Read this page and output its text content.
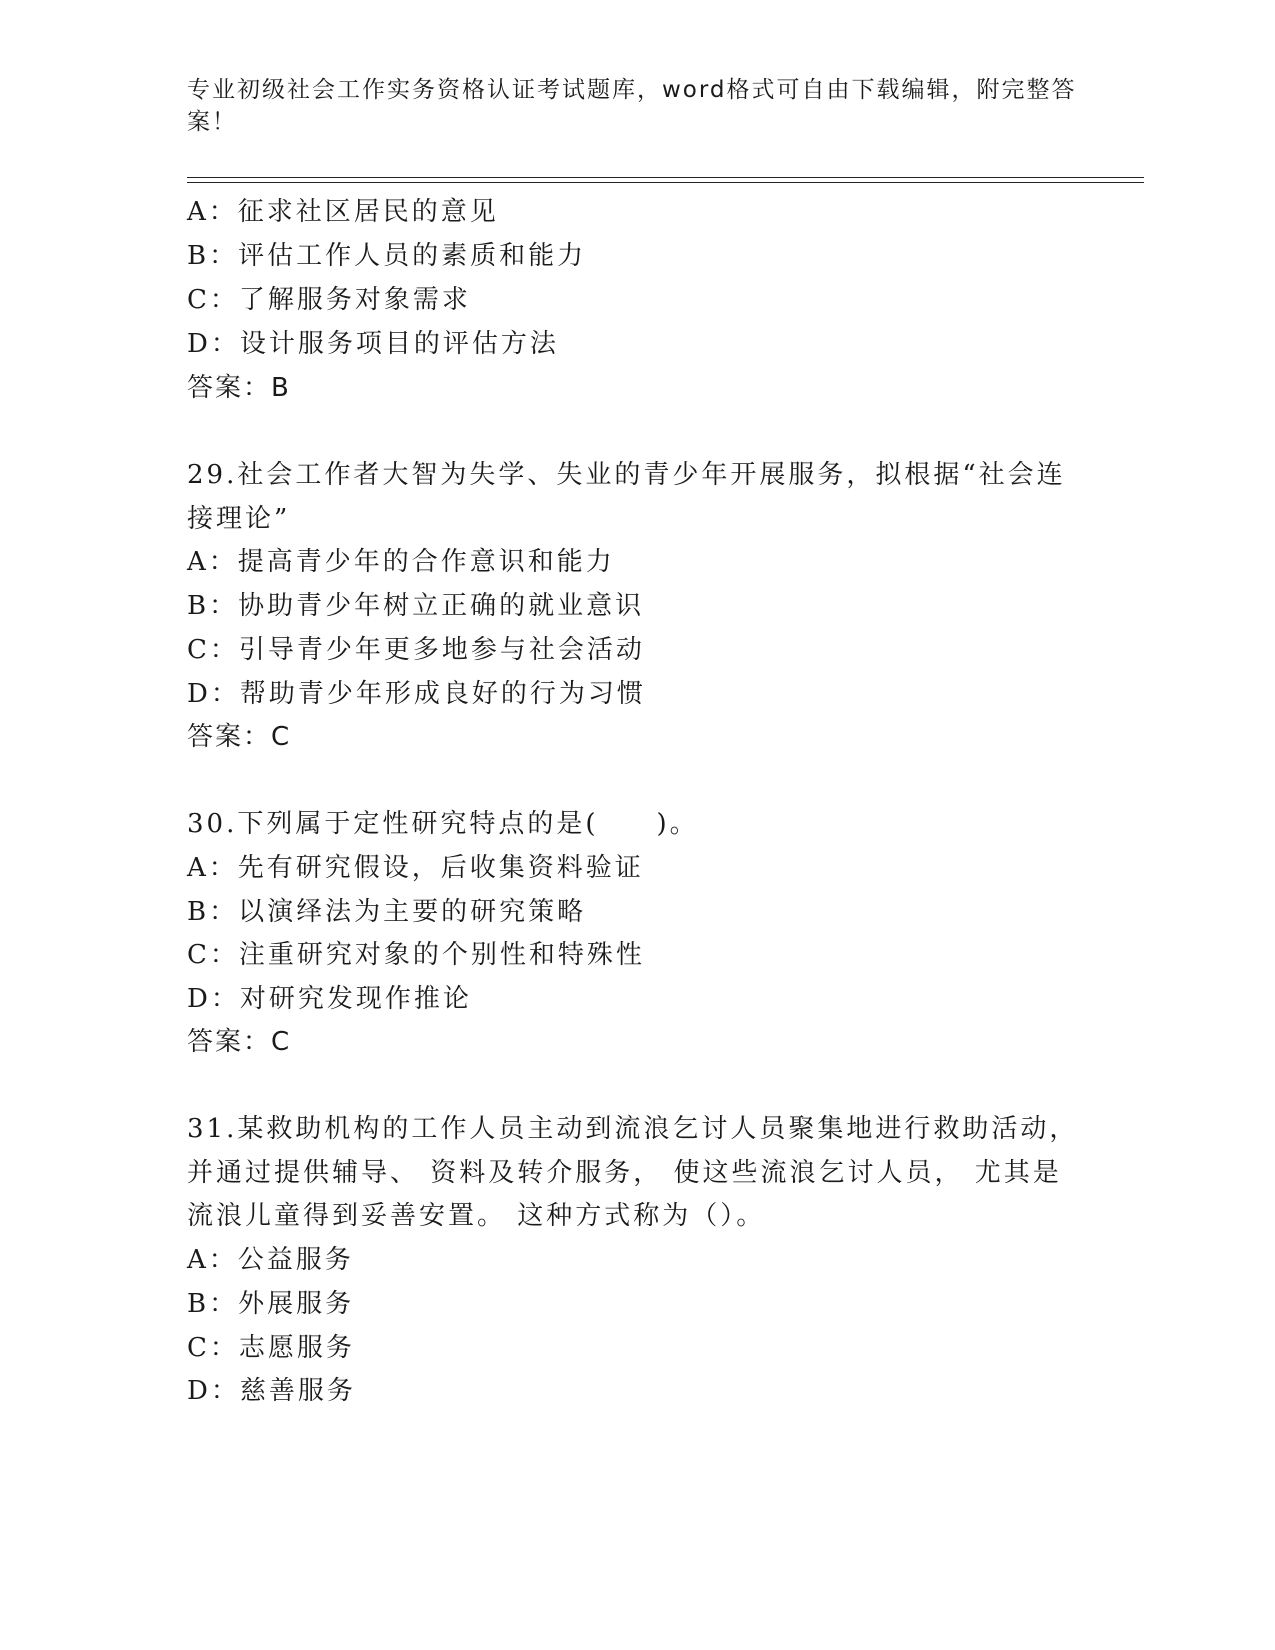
专业初级社会工作实务资格认证考试题库，word格式可自由下载编辑，附完整答案！
A：征求社区居民的意见
B：评估工作人员的素质和能力
C：了解服务对象需求
D：设计服务项目的评估方法
答案：B
29.社会工作者大智为失学、失业的青少年开展服务，拟根据“社会连
接理论”
A：提高青少年的合作意识和能力
B：协助青少年树立正确的就业意识
C：引导青少年更多地参与社会活动
D：帮助青少年形成良好的行为习惯
答案：C
30.下列属于定性研究特点的是(　　)。
A：先有研究假设，后收集资料验证
B：以演绎法为主要的研究策略
C：注重研究对象的个别性和特殊性
D：对研究发现作推论
答案：C
31.某救助机构的工作人员主动到流浪乞讨人员聚集地进行救助活动，
并通过提供辅导、 资料及转介服务， 使这些流浪乞讨人员， 尤其是
流浪儿童得到妥善安置。 这种方式称为（）。
A：公益服务
B：外展服务
C：志愿服务
D：慈善服务
